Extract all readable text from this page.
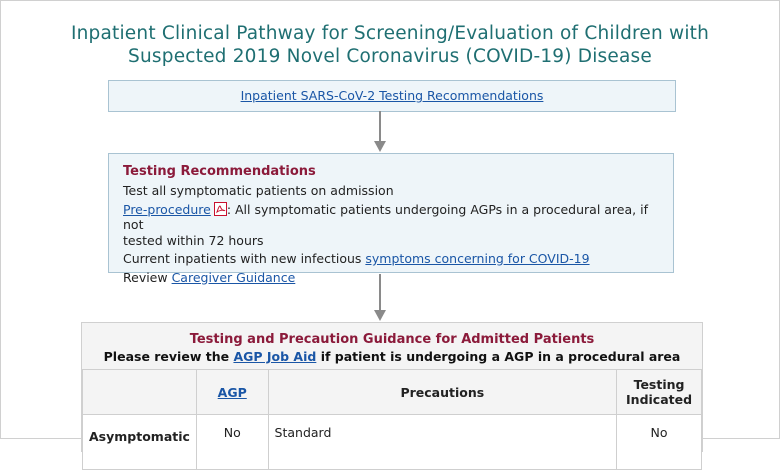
Inpatient Clinical Pathway for Screening/Evaluation of Children with
Suspected 2019 Novel Coronavirus (COVID-19) Disease
Inpatient SARS-CoV-2 Testing Recommendations
Testing Recommendations
Test all symptomatic patients on admission
Pre-procedure : All symptomatic patients undergoing AGPs in a procedural area, if not
tested within 72 hours
Current inpatients with new infectious symptoms concerning for COVID-19
Review Caregiver Guidance
Testing and Precaution Guidance for Admitted Patients
Please review the AGP Job Aid if patient is undergoing a AGP in a procedural area
	AGP	Precautions	Testing
Indicated
Asymptomatic	No	Standard	No
